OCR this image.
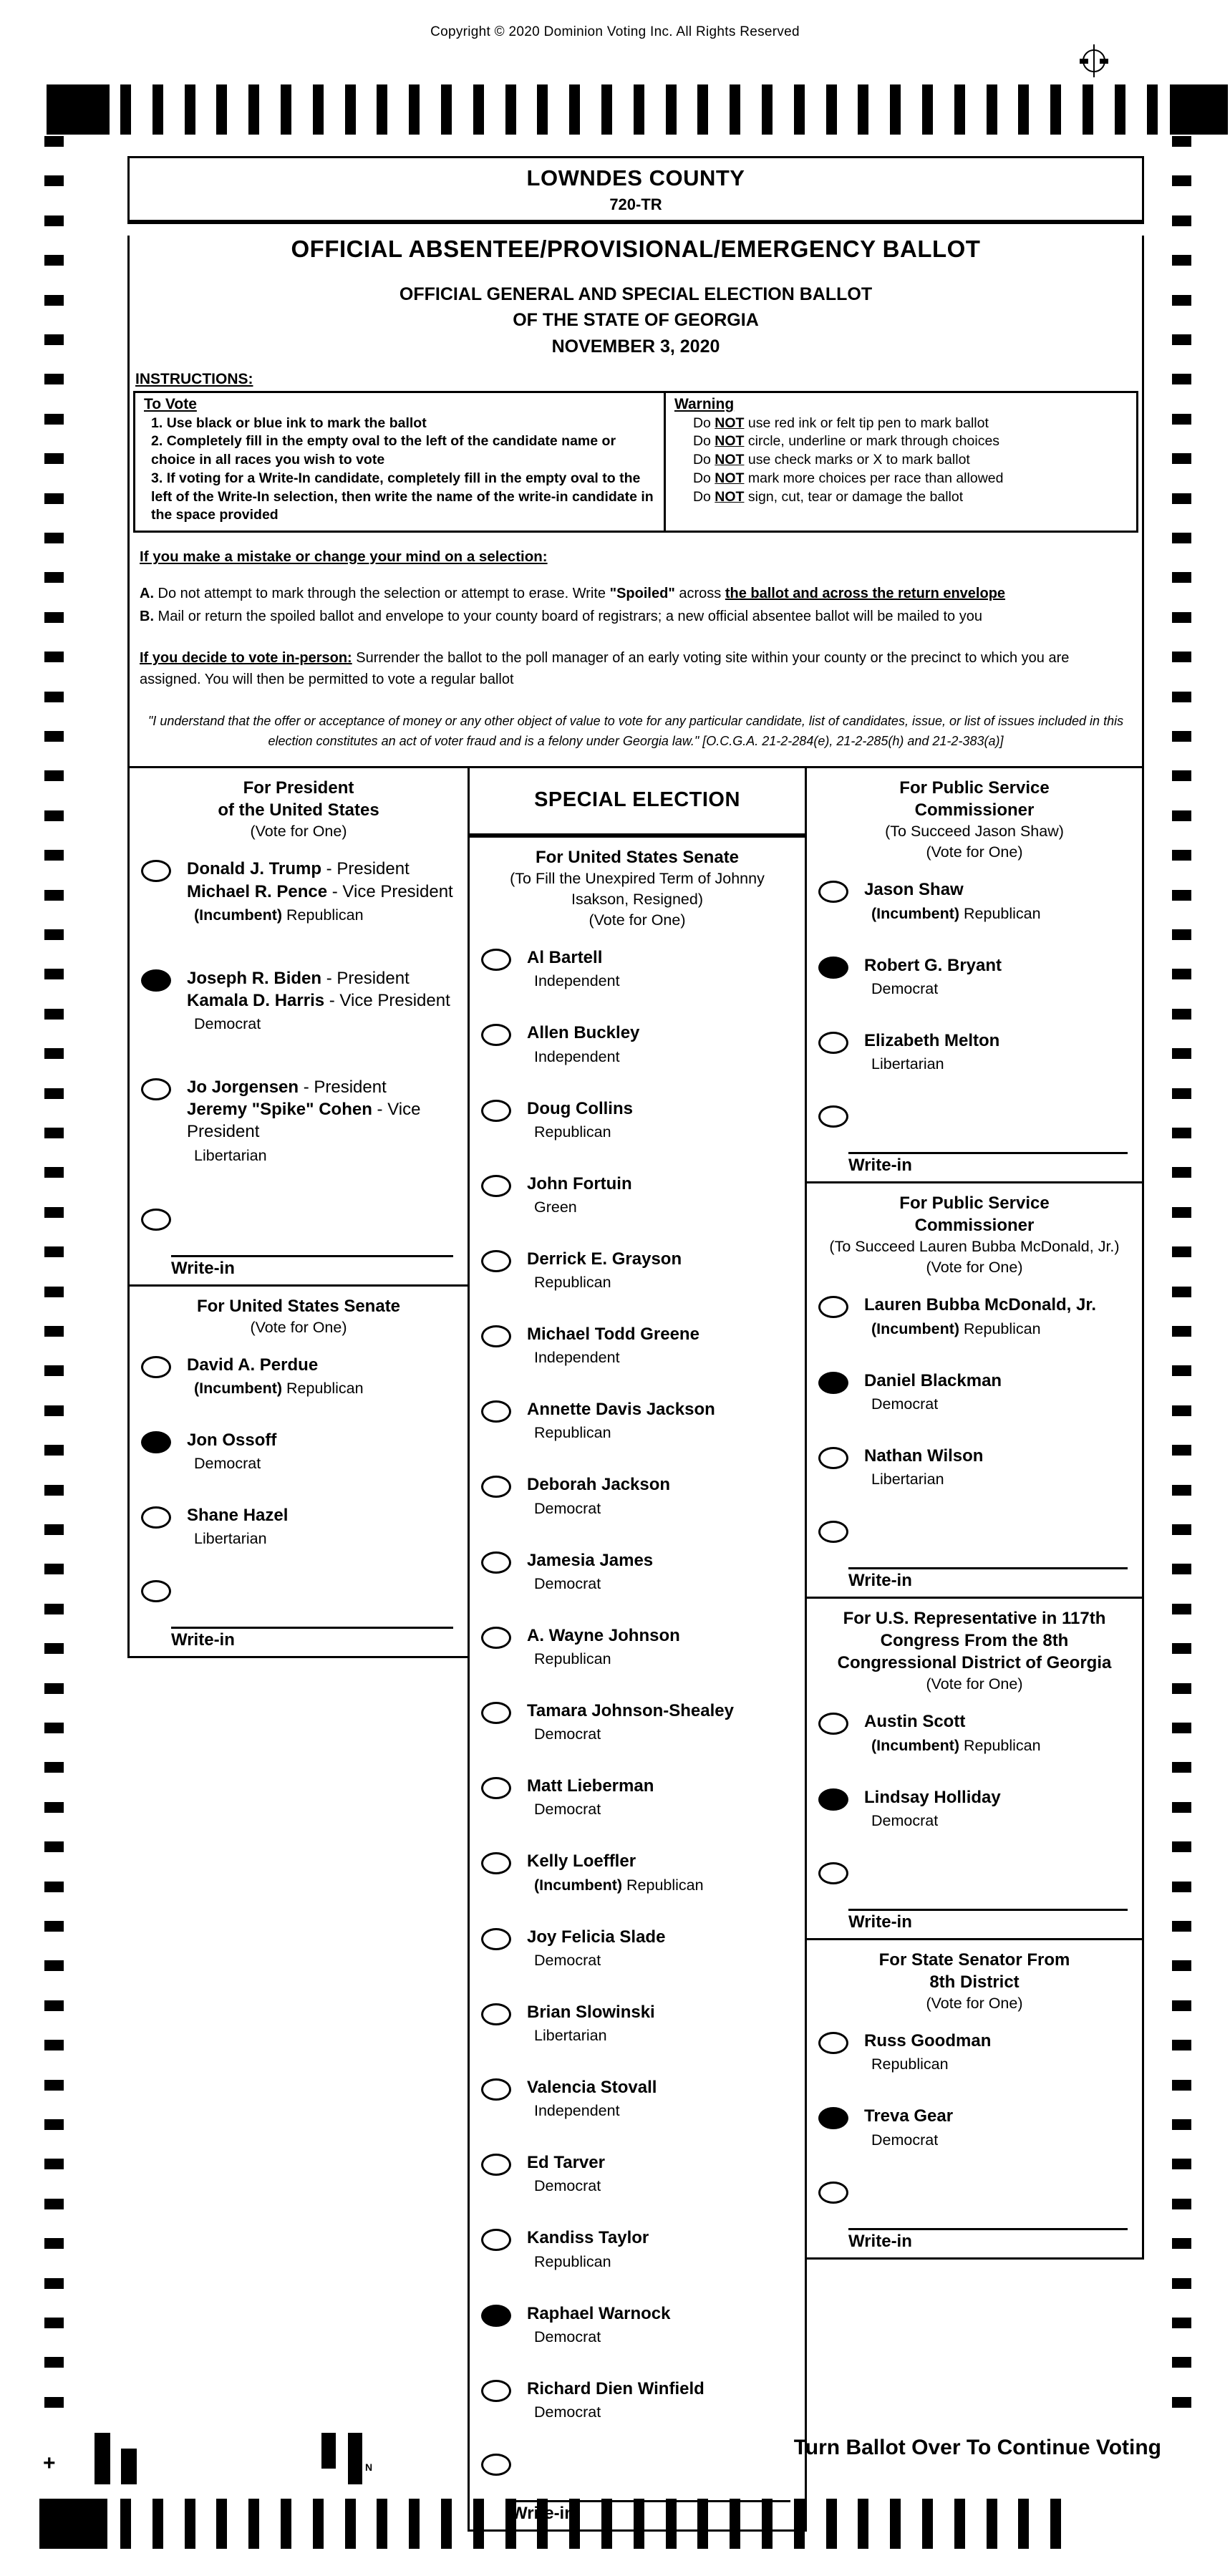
Copyright © 2020 Dominion Voting Inc. All Rights Reserved
LOWNDES COUNTY
720-TR
OFFICIAL ABSENTEE/PROVISIONAL/EMERGENCY BALLOT
OFFICIAL GENERAL AND SPECIAL ELECTION BALLOT
OF THE STATE OF GEORGIA
NOVEMBER 3, 2020
INSTRUCTIONS:
To Vote
1. Use black or blue ink to mark the ballot
2. Completely fill in the empty oval to the left of the candidate name or choice in all races you wish to vote
3. If voting for a Write-In candidate, completely fill in the empty oval to the left of the Write-In selection, then write the name of the write-in candidate in the space provided
Warning
Do NOT use red ink or felt tip pen to mark ballot
Do NOT circle, underline or mark through choices
Do NOT use check marks or X to mark ballot
Do NOT mark more choices per race than allowed
Do NOT sign, cut, tear or damage the ballot
If you make a mistake or change your mind on a selection:
A. Do not attempt to mark through the selection or attempt to erase. Write "Spoiled" across the ballot and across the return envelope
B. Mail or return the spoiled ballot and envelope to your county board of registrars; a new official absentee ballot will be mailed to you
If you decide to vote in-person: Surrender the ballot to the poll manager of an early voting site within your county or the precinct to which you are assigned. You will then be permitted to vote a regular ballot
"I understand that the offer or acceptance of money or any other object of value to vote for any particular candidate, list of candidates, issue, or list of issues included in this election constitutes an act of voter fraud and is a felony under Georgia law." [O.C.G.A. 21-2-284(e), 21-2-285(h) and 21-2-383(a)]
For President
of the United States
(Vote for One)
Donald J. Trump - President
Michael R. Pence - Vice President
(Incumbent) Republican
Joseph R. Biden - President
Kamala D. Harris - Vice President
Democrat
Jo Jorgensen - President
Jeremy "Spike" Cohen - Vice President
Libertarian
Write-in
For United States Senate
(Vote for One)
David A. Perdue
(Incumbent) Republican
Jon Ossoff
Democrat
Shane Hazel
Libertarian
Write-in
SPECIAL ELECTION
For United States Senate
(To Fill the Unexpired Term of Johnny
Isakson, Resigned)
(Vote for One)
Al Bartell
Independent
Allen Buckley
Independent
Doug Collins
Republican
John Fortuin
Green
Derrick E. Grayson
Republican
Michael Todd Greene
Independent
Annette Davis Jackson
Republican
Deborah Jackson
Democrat
Jamesia James
Democrat
A. Wayne Johnson
Republican
Tamara Johnson-Shealey
Democrat
Matt Lieberman
Democrat
Kelly Loeffler
(Incumbent) Republican
Joy Felicia Slade
Democrat
Brian Slowinski
Libertarian
Valencia Stovall
Independent
Ed Tarver
Democrat
Kandiss Taylor
Republican
Raphael Warnock
Democrat
Richard Dien Winfield
Democrat
For Public Service
Commissioner
(To Succeed Jason Shaw)
(Vote for One)
Jason Shaw
(Incumbent) Republican
Robert G. Bryant
Democrat
Elizabeth Melton
Libertarian
Write-in
For Public Service
Commissioner
(To Succeed Lauren Bubba McDonald, Jr.)
(Vote for One)
Lauren Bubba McDonald, Jr.
(Incumbent) Republican
Daniel Blackman
Democrat
Nathan Wilson
Libertarian
Write-in
For U.S. Representative in 117th
Congress From the 8th
Congressional District of Georgia
(Vote for One)
Austin Scott
(Incumbent) Republican
Lindsay Holliday
Democrat
Write-in
For State Senator From
8th District
(Vote for One)
Russ Goodman
Republican
Treva Gear
Democrat
Write-in
Turn Ballot Over To Continue Voting
+	N
